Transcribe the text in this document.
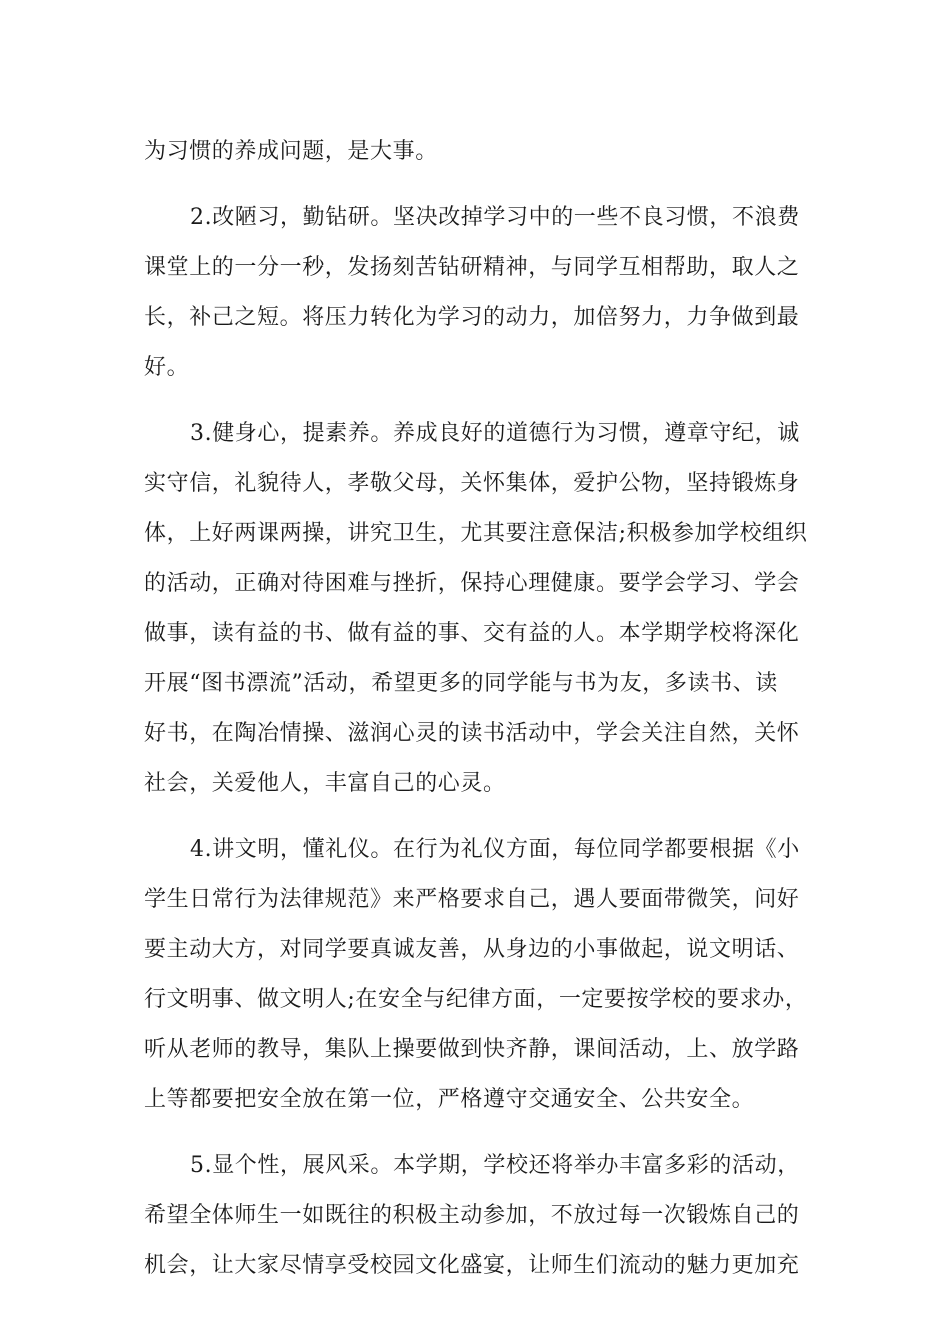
为习惯的养成问题，是大事。
2.改陋习，勤钻研。坚决改掉学习中的一些不良习惯，不浪费
课堂上的一分一秒，发扬刻苦钻研精神，与同学互相帮助，取人之
长，补己之短。将压力转化为学习的动力，加倍努力，力争做到最
好。
3.健身心，提素养。养成良好的道德行为习惯，遵章守纪，诚
实守信，礼貌待人，孝敬父母，关怀集体，爱护公物，坚持锻炼身
体，上好两课两操，讲究卫生，尤其要注意保洁;积极参加学校组织
的活动，正确对待困难与挫折，保持心理健康。要学会学习、学会
做事，读有益的书、做有益的事、交有益的人。本学期学校将深化
开展“图书漂流”活动，希望更多的同学能与书为友，多读书、读
好书，在陶冶情操、滋润心灵的读书活动中，学会关注自然，关怀
社会，关爱他人，丰富自己的心灵。
4.讲文明，懂礼仪。在行为礼仪方面，每位同学都要根据《小
学生日常行为法律规范》来严格要求自己，遇人要面带微笑，问好
要主动大方，对同学要真诚友善，从身边的小事做起，说文明话、
行文明事、做文明人;在安全与纪律方面，一定要按学校的要求办，
听从老师的教导，集队上操要做到快齐静，课间活动，上、放学路
上等都要把安全放在第一位，严格遵守交通安全、公共安全。
5.显个性，展风采。本学期，学校还将举办丰富多彩的活动，
希望全体师生一如既往的积极主动参加，不放过每一次锻炼自己的
机会，让大家尽情享受校园文化盛宴，让师生们流动的魅力更加充
